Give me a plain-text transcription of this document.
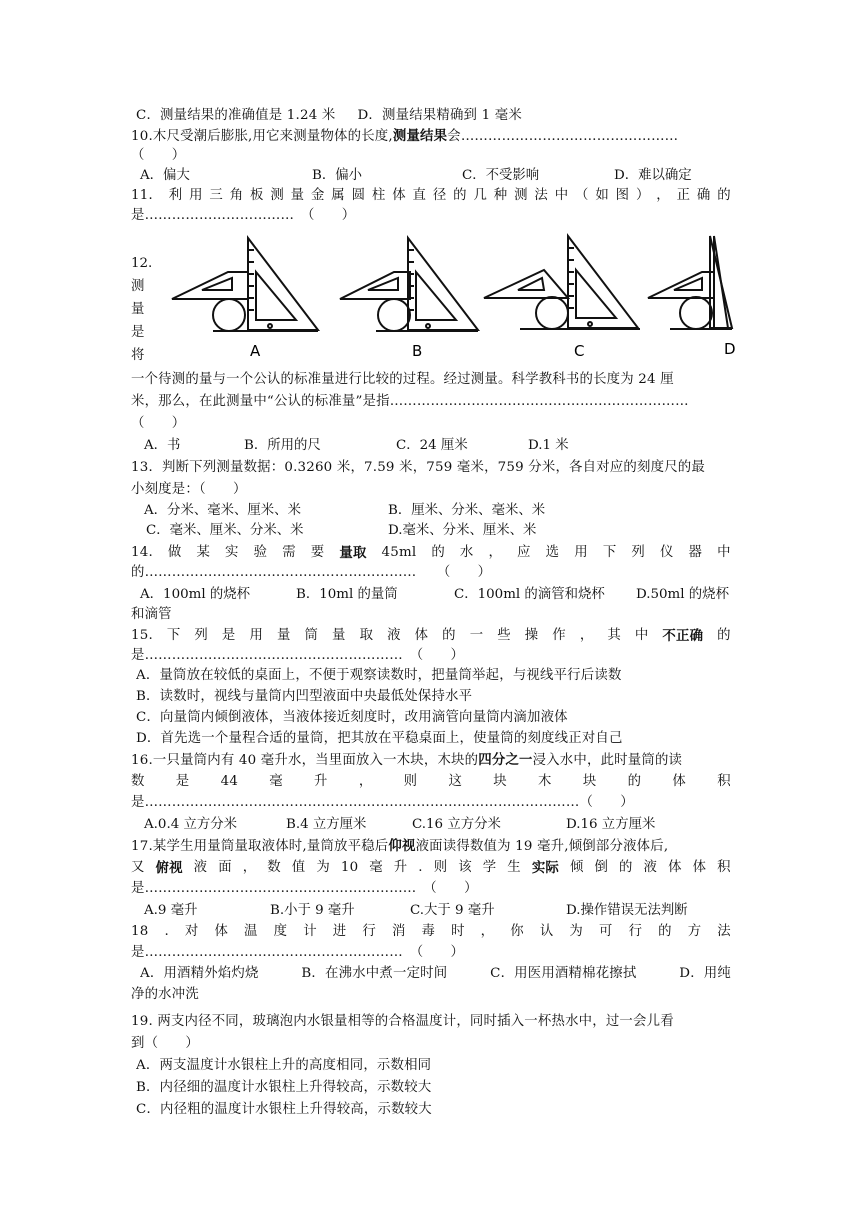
C．测量结果的准确值是 1.24 米 D．测量结果精确到 1 毫米
10.木尺受潮后膨胀,用它来测量物体的长度,测量结果会…………………………………………
（　　）
A．偏大	B．偏小	C．不受影响	D．难以确定
11． 利 用 三 角 板 测 量 金 属 圆 柱 体 直 径 的 几 种 测 法 中 （ 如 图 ） ， 正 确 的
是……………………………　（　　）
12.
测
量
是
将	A	B	C	D
一个待测的量与一个公认的标准量进行比较的过程。经过测量。科学教科书的长度为 24 厘
米，那么，在此测量中“公认的标准量”是指…………………………………………………………
（　　）
A．书	B．所用的尺	C．24 厘米	D.1 米
13．判断下列测量数据：0.3260 米，7.59 米，759 毫米，759 分米，各自对应的刻度尺的最
小刻度是：（　　）
A．分米、毫米、厘米、米	B．厘米、分米、毫米、米
C．毫米、厘米、分米、米	D.毫米、分米、厘米、米
14. 做 某 实 验 需 要 量取 45ml 的 水 ， 应 选 用 下 列 仪 器 中
的……………………………………………………　　（　　）
A．100ml 的烧杯	B．10ml 的量筒	C．100ml 的滴管和烧杯 D.50ml 的烧杯
和滴管
15. 下 列 是 用 量 筒 量 取 液 体 的 一 些 操 作 ， 其 中 不正确 的
是…………………………………………………　（　　）
A．量筒放在较低的桌面上，不便于观察读数时，把量筒举起，与视线平行后读数
B．读数时，视线与量筒内凹型液面中央最低处保持水平
C．向量筒内倾倒液体，当液体接近刻度时，改用滴管向量筒内滴加液体
D．首先选一个量程合适的量筒，把其放在平稳桌面上，使量筒的刻度线正对自己
16.一只量筒内有 40 毫升水，当里面放入一木块，木块的四分之一浸入水中，此时量筒的读
数 是 44 毫 升 ， 则 这 块 木 块 的 体 积
是……………………………………………………………………………………（　　）
A.0.4 立方分米	B.4 立方厘米	C.16 立方分米	D.16 立方厘米
17.某学生用量筒量取液体时,量筒放平稳后仰视液面读得数值为 19 毫升,倾倒部分液体后,
又 俯视 液 面 ， 数 值 为 10 毫 升 . 则 该 学 生 实际 倾 倒 的 液 体 体 积
是……………………………………………………　（　　）
A.9 毫升	B.小于 9 毫升	C.大于 9 毫升	D.操作错误无法判断
18 . 对 体 温 度 计 进 行 消 毒 时 ， 你 认 为 可 行 的 方 法
是…………………………………………………　（　　）
A．用酒精外焰灼烧	B．在沸水中煮一定时间	C．用医用酒精棉花擦拭	D．用纯
净的水冲洗
19. 两支内径不同，玻璃泡内水银量相等的合格温度计，同时插入一杯热水中，过一会儿看
到（　　）
A．两支温度计水银柱上升的高度相同，示数相同
B．内径细的温度计水银柱上升得较高，示数较大
C．内径粗的温度计水银柱上升得较高，示数较大
